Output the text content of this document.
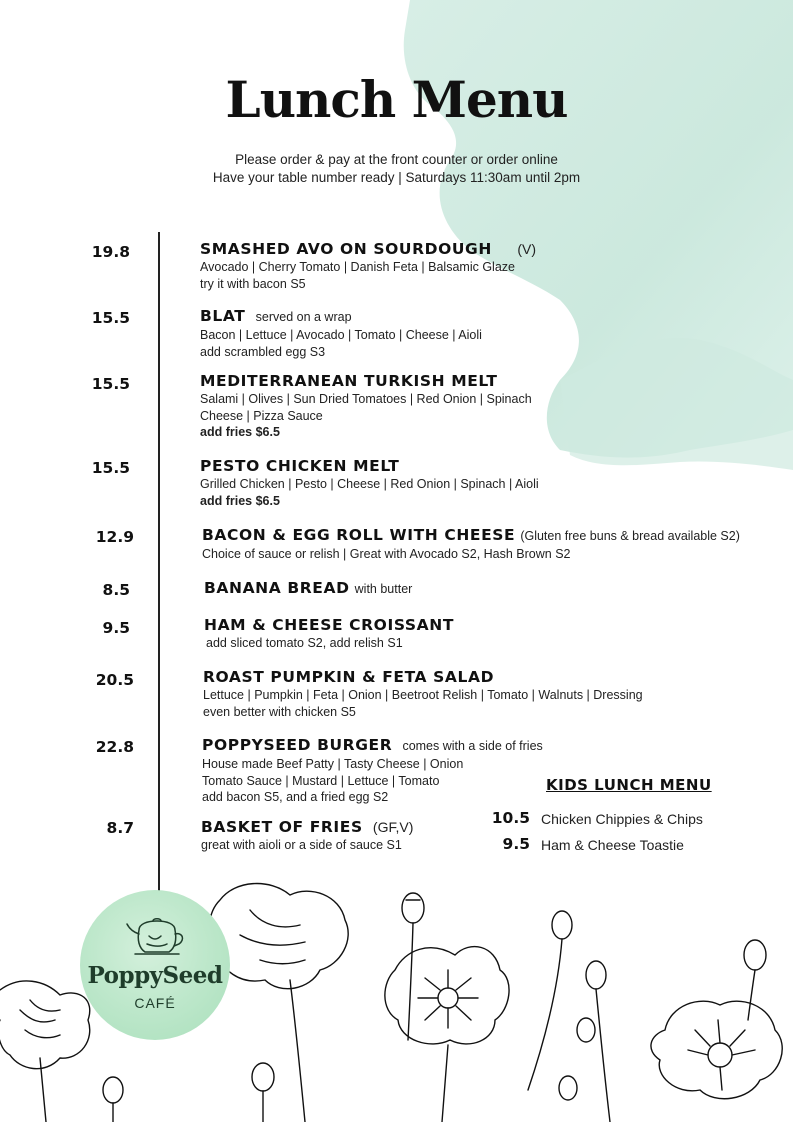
Lunch Menu
Please order & pay at the front counter or order online
Have your table number ready | Saturdays 11:30am until 2pm
19.8	SMASHED AVO ON SOURDOUGH (V)
Avocado | Cherry Tomato | Danish Feta | Balsamic Glaze
try it with bacon S5
15.5	BLAT served on a wrap
Bacon | Lettuce | Avocado | Tomato | Cheese | Aioli
add scrambled egg S3
15.5	MEDITERRANEAN TURKISH MELT
Salami | Olives | Sun Dried Tomatoes | Red Onion | Spinach
Cheese | Pizza Sauce
add fries $6.5
15.5	PESTO CHICKEN MELT
Grilled Chicken | Pesto | Cheese | Red Onion | Spinach | Aioli
add fries $6.5
12.9	BACON & EGG ROLL WITH CHEESE (Gluten free buns & bread available S2)
Choice of sauce or relish | Great with Avocado S2, Hash Brown S2
8.5	BANANA BREAD with butter
9.5	HAM & CHEESE CROISSANT
add sliced tomato S2, add relish S1
20.5	ROAST PUMPKIN & FETA SALAD
Lettuce | Pumpkin | Feta | Onion | Beetroot Relish | Tomato | Walnuts | Dressing
even better with chicken S5
22.8	POPPYSEED BURGER comes with a side of fries
House made Beef Patty | Tasty Cheese | Onion
Tomato Sauce | Mustard | Lettuce | Tomato
add bacon S5, and a fried egg S2
8.7	BASKET OF FRIES (GF,V)
great with aioli or a side of sauce S1
KIDS LUNCH MENU
10.5 Chicken Chippies & Chips
9.5 Ham & Cheese Toastie
PoppySeed
CAFÉ
